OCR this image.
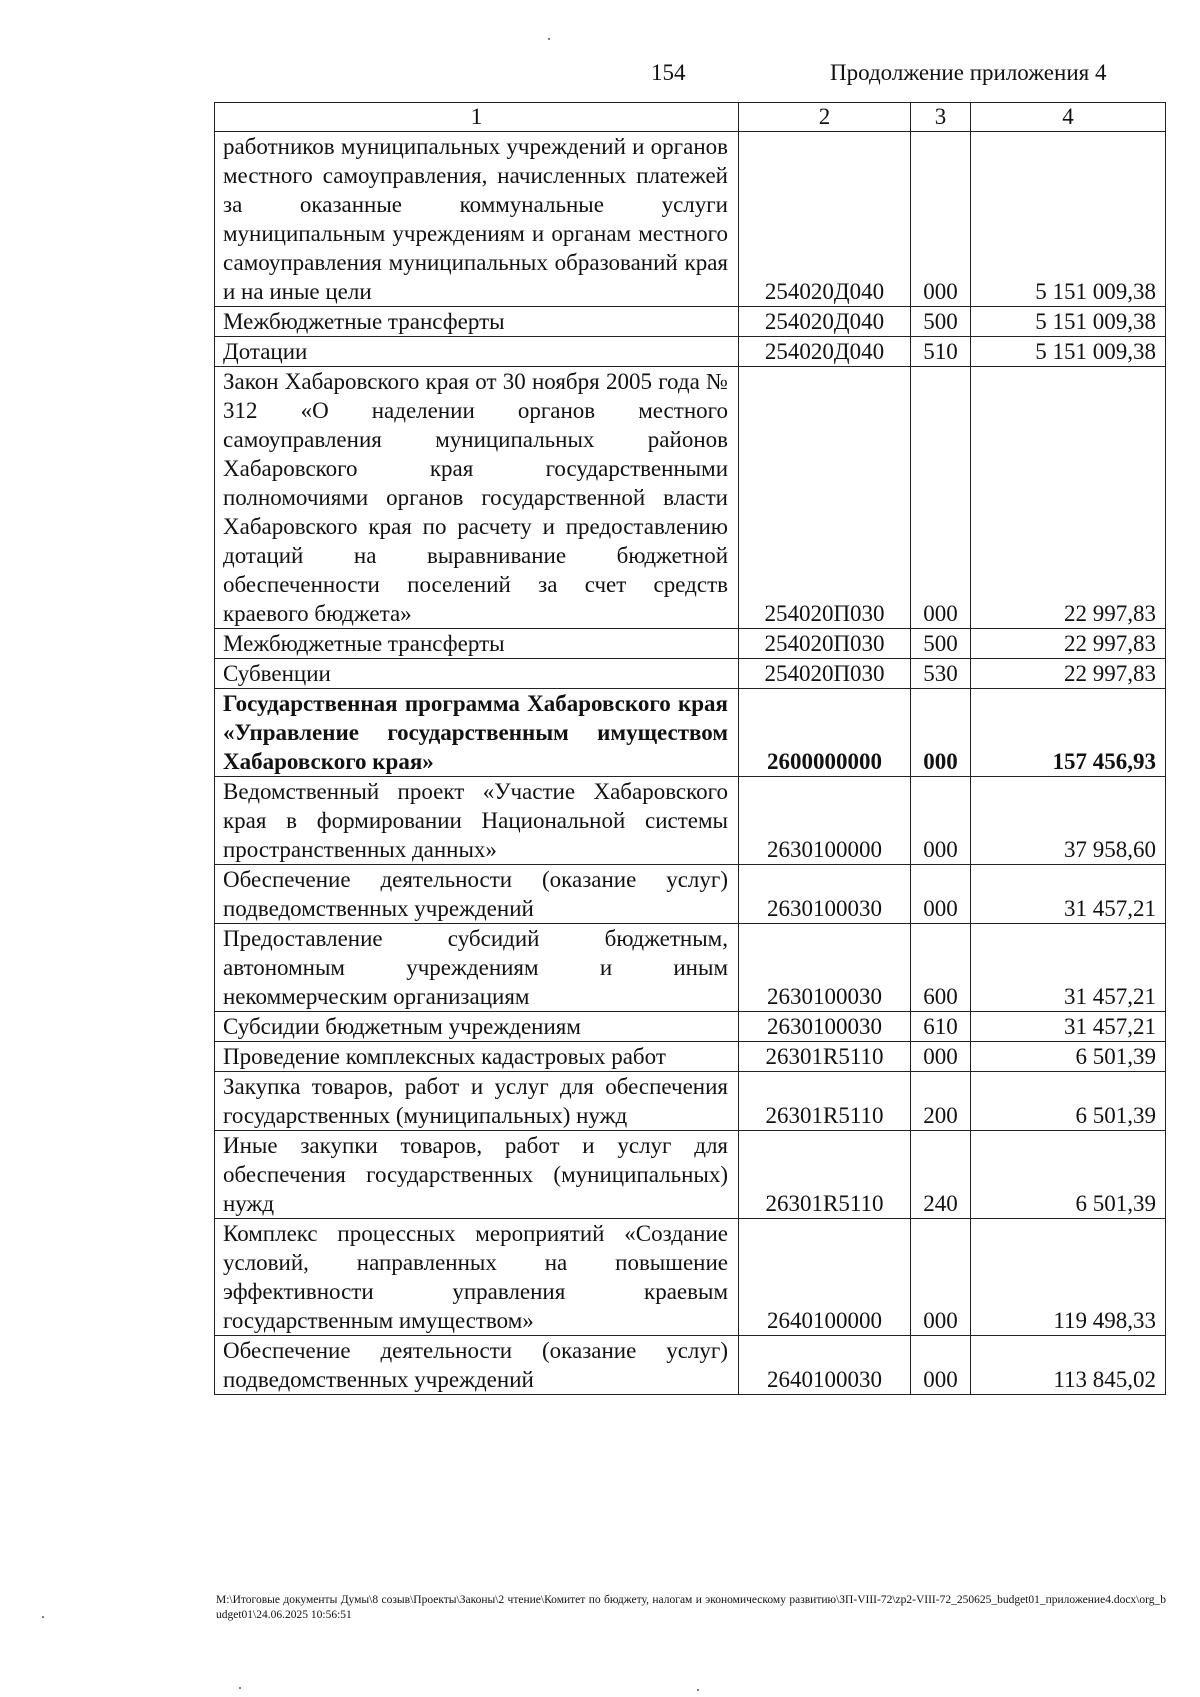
154	Продолжение приложения 4
1	2	3	4
работников муниципальных учреждений и органов местного самоуправления, начисленных платежей за оказанные коммунальные услуги муниципальным учреждениям и органам местного самоуправления муниципальных образований края и на иные цели	254020Д040	000	5 151 009,38
Межбюджетные трансферты	254020Д040	500	5 151 009,38
Дотации	254020Д040	510	5 151 009,38
Закон Хабаровского края от 30 ноября 2005 года № 312 «О наделении органов местного самоуправления муниципальных районов Хабаровского края государственными полномочиями органов государственной власти Хабаровского края по расчету и предоставлению дотаций на выравнивание бюджетной обеспеченности поселений за счет средств краевого бюджета»	254020П030	000	22 997,83
Межбюджетные трансферты	254020П030	500	22 997,83
Субвенции	254020П030	530	22 997,83
Государственная программа Хабаровского края «Управление государственным имуществом Хабаровского края»	2600000000	000	157 456,93
Ведомственный проект «Участие Хабаровского края в формировании Национальной системы пространственных данных»	2630100000	000	37 958,60
Обеспечение деятельности (оказание услуг) подведомственных учреждений	2630100030	000	31 457,21
Предоставление субсидий бюджетным, автономным учреждениям и иным некоммерческим организациям	2630100030	600	31 457,21
Субсидии бюджетным учреждениям	2630100030	610	31 457,21
Проведение комплексных кадастровых работ	26301R5110	000	6 501,39
Закупка товаров, работ и услуг для обеспечения государственных (муниципальных) нужд	26301R5110	200	6 501,39
Иные закупки товаров, работ и услуг для обеспечения государственных (муниципальных) нужд	26301R5110	240	6 501,39
Комплекс процессных мероприятий «Создание условий, направленных на повышение эффективности управления краевым государственным имуществом»	2640100000	000	119 498,33
Обеспечение деятельности (оказание услуг) подведомственных учреждений	2640100030	000	113 845,02
M:\Итоговые документы Думы\8 созыв\Проекты\Законы\2 чтение\Комитет по бюджету, налогам и экономическому развитию\ЗП-VIII-72\zp2-VIII-72_250625_budget01_приложение4.docx\org_budget01\24.06.2025 10:56:51
